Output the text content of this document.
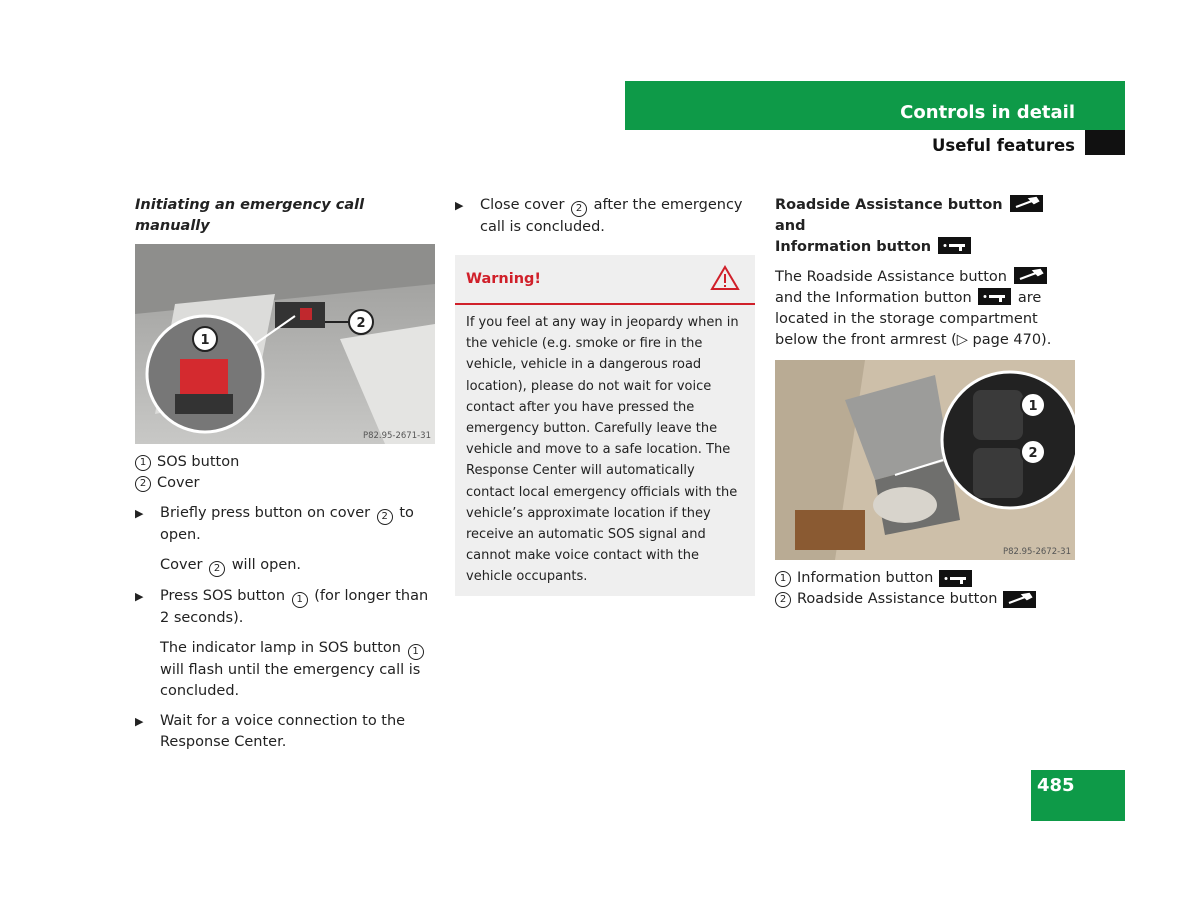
Controls in detail
Useful features
Initiating an emergency call manually
1
2
P82.95-2671-31
1 SOS button
2 Cover
▶ Briefly press button on cover 2 to open.
Cover 2 will open.
▶ Press SOS button 1 (for longer than 2 seconds).
The indicator lamp in SOS button 1 will flash until the emergency call is concluded.
▶ Wait for a voice connection to the Response Center.
▶ Close cover 2 after the emergency call is concluded.
Warning!
If you feel at any way in jeopardy when in the vehicle (e.g. smoke or fire in the vehicle, vehicle in a dangerous road location), please do not wait for voice contact after you have pressed the emergency button. Carefully leave the vehicle and move to a safe location. The Response Center will automatically contact local emergency officials with the vehicle’s approximate location if they receive an automatic SOS signal and cannot make voice contact with the vehicle occupants.
Roadside Assistance button
and
Information button
The Roadside Assistance button
and the Information button	are located in the storage compartment below the front armrest (▷ page 470).
1
2
P82.95-2672-31
1 Information button
2 Roadside Assistance button
485
